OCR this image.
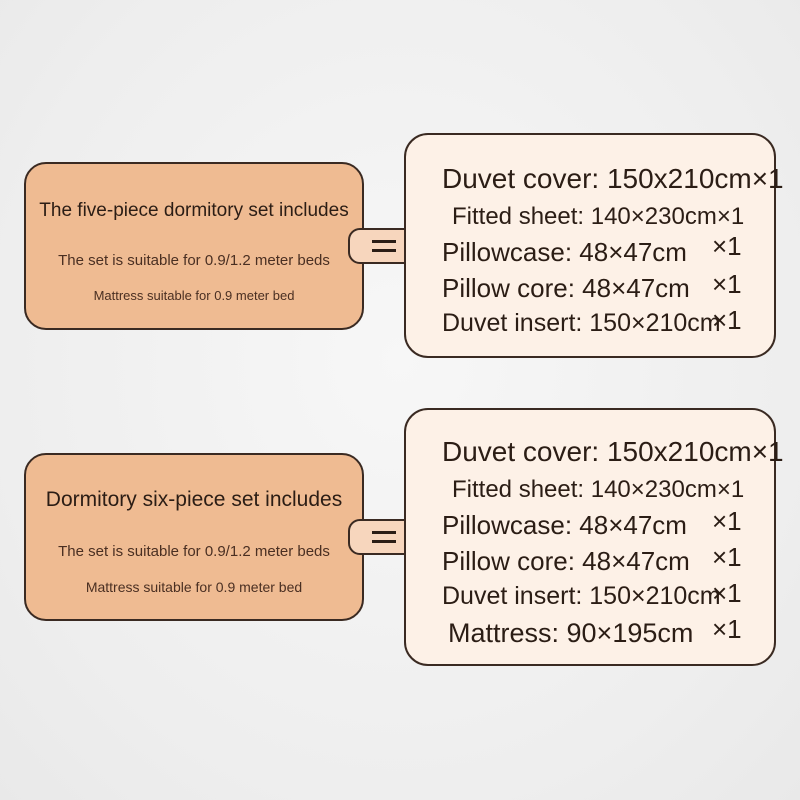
The five-piece dormitory set includes
The set is suitable for 0.9/1.2 meter beds
Mattress suitable for 0.9 meter bed
Duvet cover: 150x210cm×1
Fitted sheet: 140×230cm×1
Pillowcase: 48×47cm ×1
Pillow core: 48×47cm ×1
Duvet insert: 150×210cm
×1
Dormitory six-piece set includes
The set is suitable for 0.9/1.2 meter beds
Mattress suitable for 0.9 meter bed
Duvet cover: 150x210cm×1
Fitted sheet: 140×230cm×1
Pillowcase: 48×47cm ×1
Pillow core: 48×47cm ×1
Duvet insert: 150×210cm
×1
Mattress: 90×195cm ×1
